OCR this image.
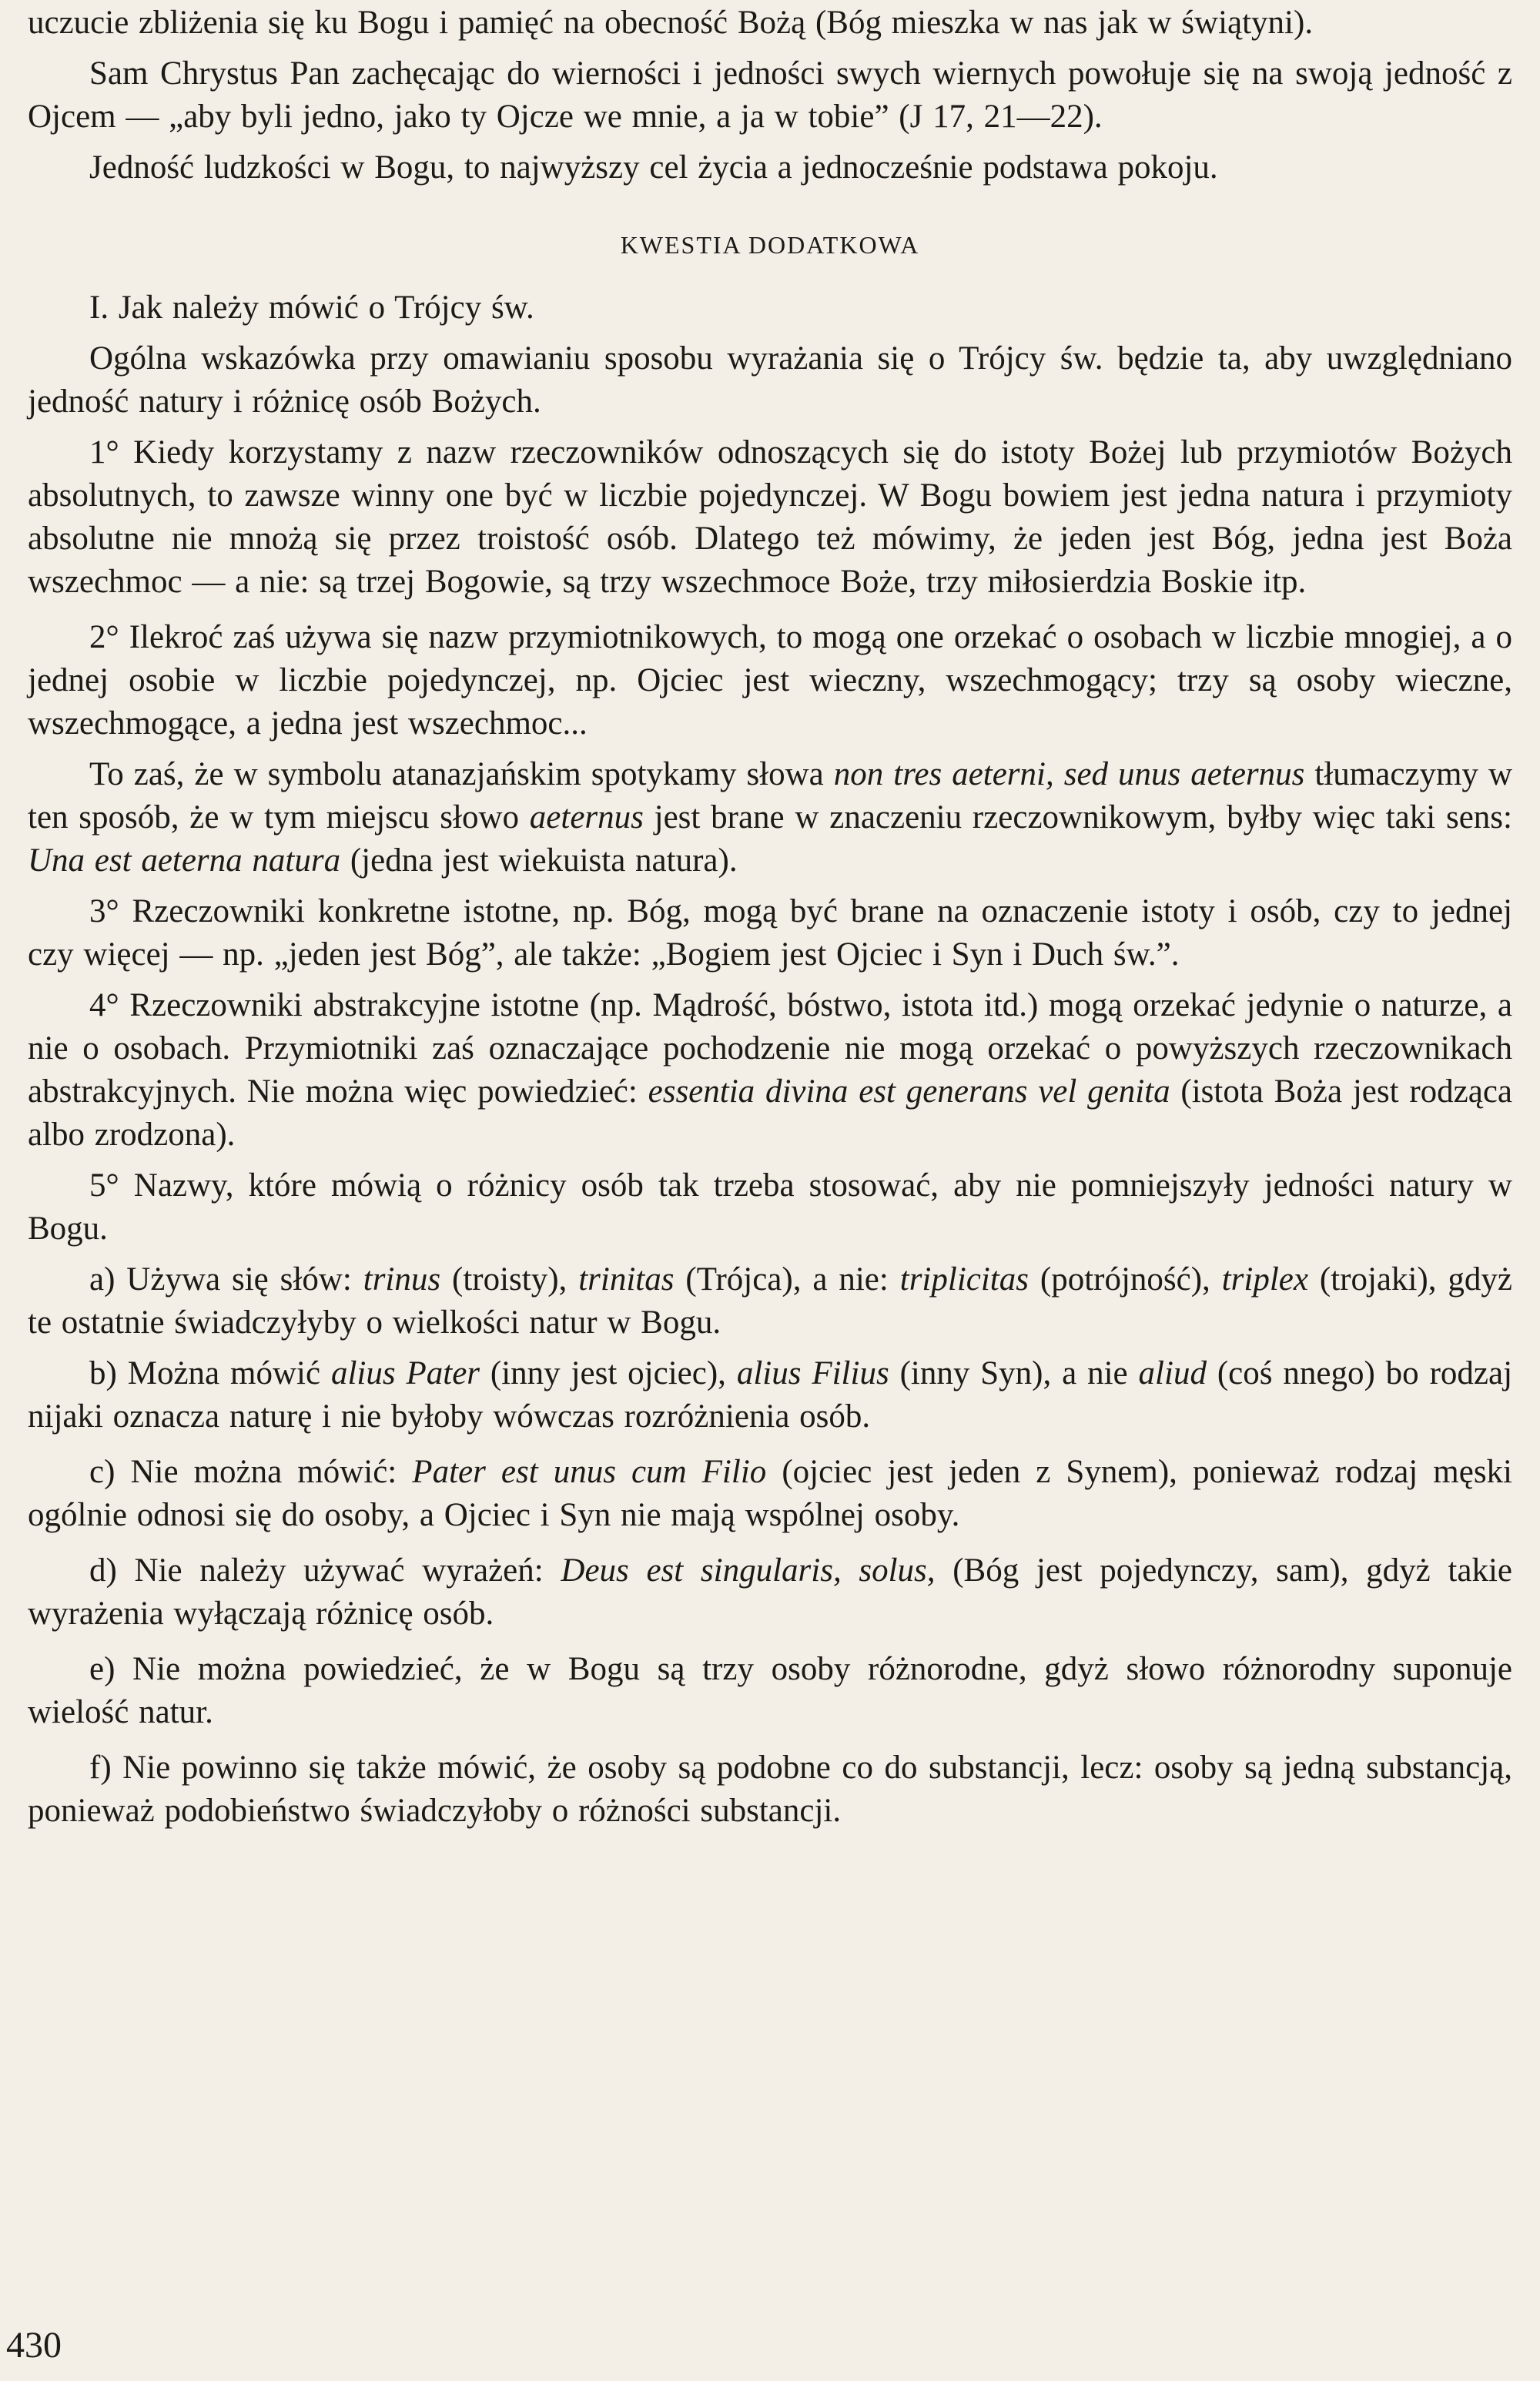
uczucie zbliżenia się ku Bogu i pamięć na obecność Bożą (Bóg mieszka w nas jak w świątyni).

Sam Chrystus Pan zachęcając do wierności i jedności swych wiernych powołuje się na swoją jedność z Ojcem — „aby byli jedno, jako ty Ojcze we mnie, a ja w tobie” (J 17, 21—22).

Jedność ludzkości w Bogu, to najwyższy cel życia a jednocześnie podstawa pokoju.

KWESTIA DODATKOWA

I. Jak należy mówić o Trójcy św.

Ogólna wskazówka przy omawianiu sposobu wyrażania się o Trójcy św. będzie ta, aby uwzględniano jedność natury i różnicę osób Bożych.

1° Kiedy korzystamy z nazw rzeczowników odnoszących się do istoty Bożej lub przymiotów Bożych absolutnych, to zawsze winny one być w liczbie pojedynczej. W Bogu bowiem jest jedna natura i przymioty absolutne nie mnożą się przez troistość osób. Dlatego też mówimy, że jeden jest Bóg, jedna jest Boża wszechmoc — a nie: są trzej Bogowie, są trzy wszechmoce Boże, trzy miłosierdzia Boskie itp.

2° Ilekroć zaś używa się nazw przymiotnikowych, to mogą one orzekać o osobach w liczbie mnogiej, a o jednej osobie w liczbie pojedynczej, np. Ojciec jest wieczny, wszechmogący; trzy są osoby wieczne, wszechmogące, a jedna jest wszechmoc...

To zaś, że w symbolu atanazjańskim spotykamy słowa non tres aeterni, sed unus aeternus tłumaczymy w ten sposób, że w tym miejscu słowo aeternus jest brane w znaczeniu rzeczownikowym, byłby więc taki sens: Una est aeterna natura (jedna jest wiekuista natura).

3° Rzeczowniki konkretne istotne, np. Bóg, mogą być brane na oznaczenie istoty i osób, czy to jednej czy więcej — np. „jeden jest Bóg”, ale także: „Bogiem jest Ojciec i Syn i Duch św.”.

4° Rzeczowniki abstrakcyjne istotne (np. Mądrość, bóstwo, istota itd.) mogą orzekać jedynie o naturze, a nie o osobach. Przymiotniki zaś oznaczające pochodzenie nie mogą orzekać o powyższych rzeczownikach abstrakcyjnych. Nie można więc powiedzieć: essentia divina est generans vel genita (istota Boża jest rodząca albo zrodzona).

5° Nazwy, które mówią o różnicy osób tak trzeba stosować, aby nie pomniejszyły jedności natury w Bogu.

a) Używa się słów: trinus (troisty), trinitas (Trójca), a nie: triplicitas (potrójność), triplex (trojaki), gdyż te ostatnie świadczyłyby o wielkości natur w Bogu.

b) Można mówić alius Pater (inny jest ojciec), alius Filius (inny Syn), a nie aliud (coś nnego) bo rodzaj nijaki oznacza naturę i nie byłoby wówczas rozróżnienia osób.

c) Nie można mówić: Pater est unus cum Filio (ojciec jest jeden z Synem), ponieważ rodzaj męski ogólnie odnosi się do osoby, a Ojciec i Syn nie mają wspólnej osoby.

d) Nie należy używać wyrażeń: Deus est singularis, solus, (Bóg jest pojedynczy, sam), gdyż takie wyrażenia wyłączają różnicę osób.

e) Nie można powiedzieć, że w Bogu są trzy osoby różnorodne, gdyż słowo różnorodny suponuje wielość natur.

f) Nie powinno się także mówić, że osoby są podobne co do substancji, lecz: osoby są jedną substancją, ponieważ podobieństwo świadczyłoby o różności substancji.

430
